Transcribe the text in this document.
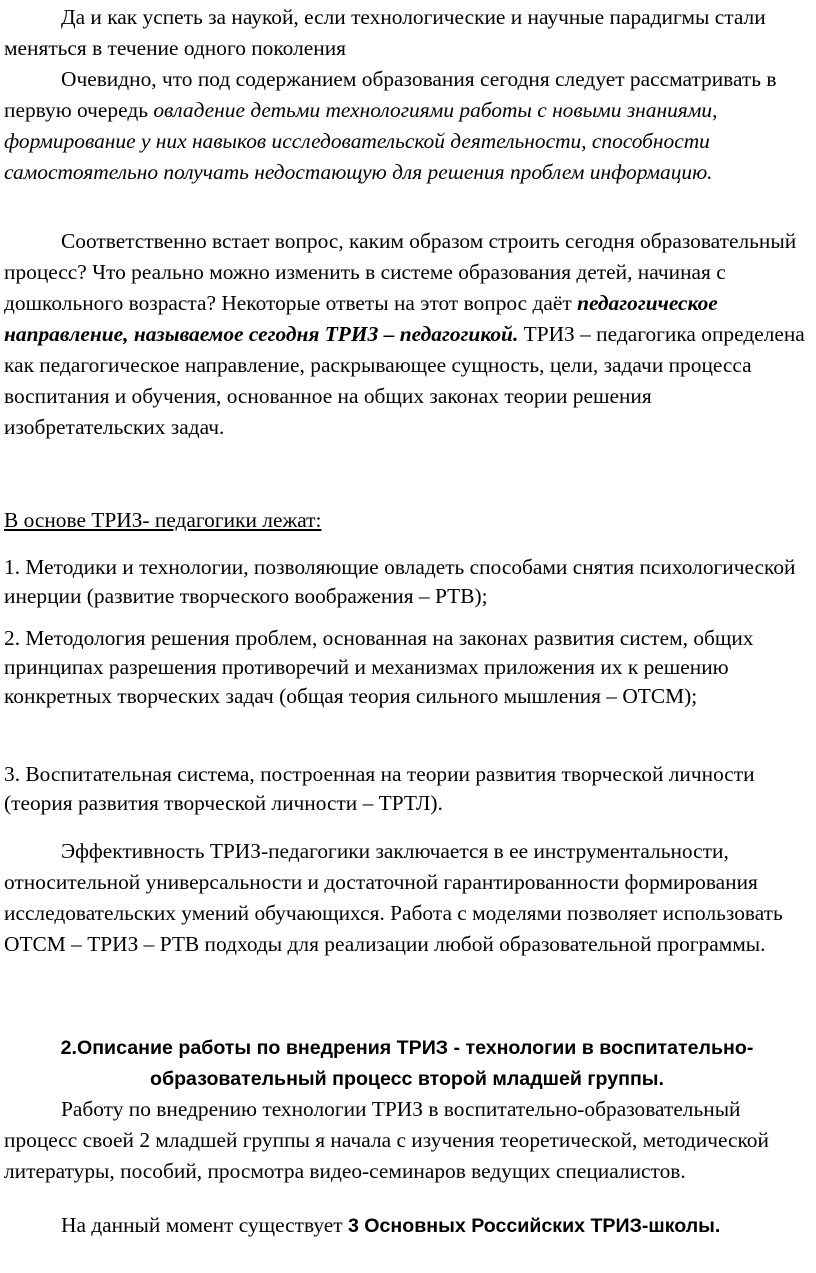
Да и как успеть за наукой, если технологические и научные парадигмы стали меняться в течение одного поколения

Очевидно, что под содержанием образования сегодня следует рассматривать в первую очередь овладение детьми технологиями работы с новыми знаниями, формирование у них навыков исследовательской деятельности, способности самостоятельно получать недостающую для решения проблем информацию.

Соответственно встает вопрос, каким образом строить сегодня образовательный процесс? Что реально можно изменить в системе образования детей, начиная с дошкольного возраста? Некоторые ответы на этот вопрос даёт педагогическое направление, называемое сегодня ТРИЗ – педагогикой. ТРИЗ – педагогика определена как педагогическое направление, раскрывающее сущность, цели, задачи процесса воспитания и обучения, основанное на общих законах теории решения изобретательских задач.

В основе ТРИЗ- педагогики лежат:

1. Методики и технологии, позволяющие овладеть способами снятия психологической инерции (развитие творческого воображения – РТВ);

2. Методология решения проблем, основанная на законах развития систем, общих принципах разрешения противоречий и механизмах приложения их к решению конкретных творческих задач (общая теория сильного мышления – ОТСМ);

3. Воспитательная система, построенная на теории развития творческой личности (теория развития творческой личности – ТРТЛ).

Эффективность ТРИЗ-педагогики заключается в ее инструментальности, относительной универсальности и достаточной гарантированности формирования исследовательских умений обучающихся. Работа с моделями позволяет использовать ОТСМ – ТРИЗ – РТВ подходы для реализации любой образовательной программы.

2.Описание работы по внедрения ТРИЗ - технологии в воспитательно-образовательный процесс второй младшей группы.

Работу по внедрению технологии ТРИЗ в воспитательно-образовательный процесс своей 2 младшей группы я начала с изучения теоретической, методической литературы, пособий, просмотра видео-семинаров ведущих специалистов.

На данный момент существует 3 Основных Российских ТРИЗ-школы.
